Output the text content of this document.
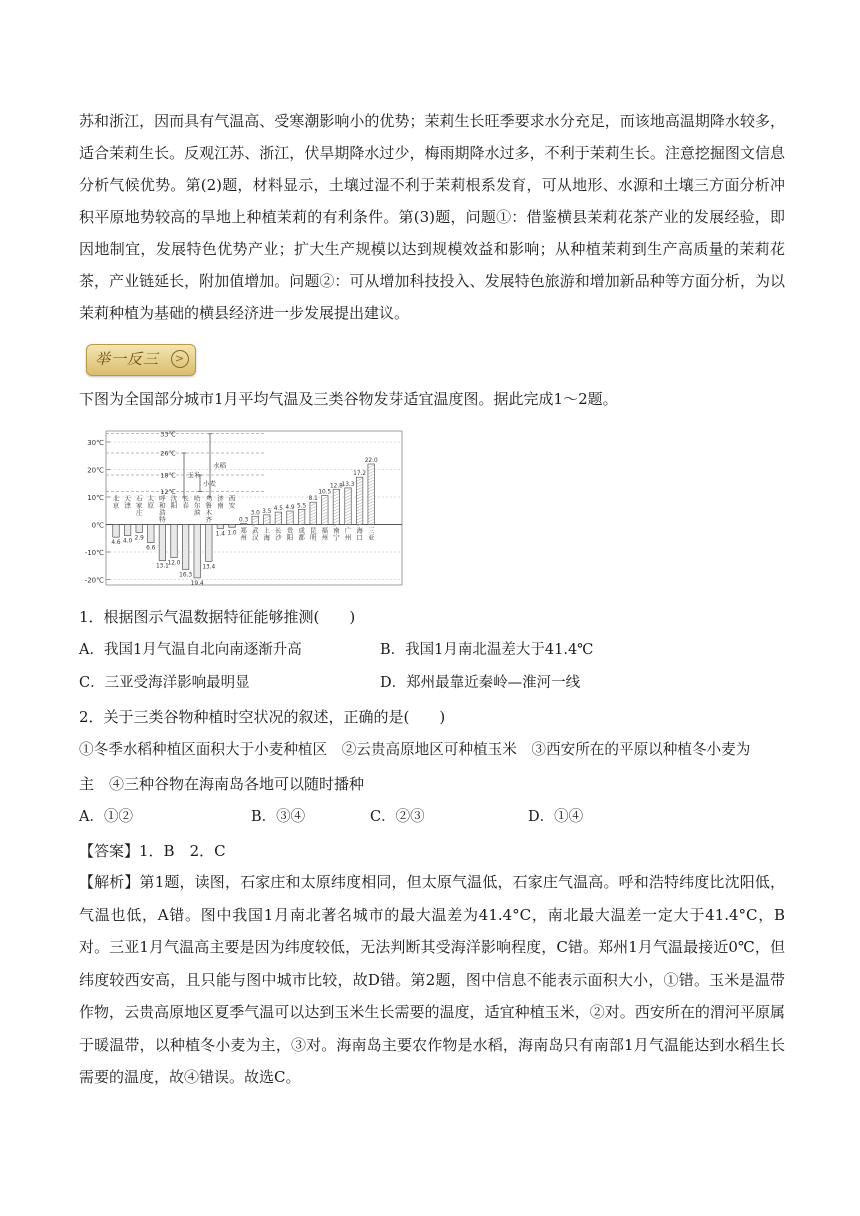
苏和浙江，因而具有气温高、受寒潮影响小的优势；茉莉生长旺季要求水分充足，而该地高温期降水较多，适合茉莉生长。反观江苏、浙江，伏旱期降水过少，梅雨期降水过多，不利于茉莉生长。注意挖掘图文信息分析气候优势。第(2)题，材料显示，土壤过湿不利于茉莉根系发育，可从地形、水源和土壤三方面分析冲积平原地势较高的旱地上种植茉莉的有利条件。第(3)题，问题①：借鉴横县茉莉花茶产业的发展经验，即因地制宜，发展特色优势产业；扩大生产规模以达到规模效益和影响；从种植茉莉到生产高质量的茉莉花茶，产业链延长，附加值增加。问题②：可从增加科技投入、发展特色旅游和增加新品种等方面分析，为以茉莉种植为基础的横县经济进一步发展提出建议。

举一反三	>
下图为全国部分城市1月平均气温及三类谷物发芽适宜温度图。据此完成1～2题。
30℃
20℃
10℃
0℃
-10℃
-20℃
33℃
26℃
18℃
12℃
水稻
玉米
小麦
4.6
北京
4.0
天津
2.9
石家庄
6.6
太原
13.1
呼和浩特
12.0
沈阳
16.3
长春
19.4
哈尔滨
13.4
乌鲁木齐
1.4
济南
1.0
西安
0.3
郑州
3.0
武汉
3.5
上海
4.5
长沙
4.9
贵阳
5.5
成都
8.1
昆明
10.5
福州
12.8
南宁
13.3
广州
17.2
海口
22.0
三亚
1．根据图示气温数据特征能够推测(　　)
A．我国1月气温自北向南逐渐升高	B．我国1月南北温差大于41.4℃
C．三亚受海洋影响最明显	D．郑州最靠近秦岭—淮河一线
2．关于三类谷物种植时空状况的叙述，正确的是(　　)
①冬季水稻种植区面积大于小麦种植区　②云贵高原地区可种植玉米　③西安所在的平原以种植冬小麦为
主　④三种谷物在海南岛各地可以随时播种
A．①②	B．③④	C．②③	D．①④
【答案】1．B　2．C

【解析】第1题，读图，石家庄和太原纬度相同，但太原气温低，石家庄气温高。呼和浩特纬度比沈阳低，气温也低，A错。图中我国1月南北著名城市的最大温差为41.4°C，南北最大温差一定大于41.4°C，B对。三亚1月气温高主要是因为纬度较低，无法判断其受海洋影响程度，C错。郑州1月气温最接近0℃，但纬度较西安高，且只能与图中城市比较，故D错。第2题，图中信息不能表示面积大小，①错。玉米是温带作物，云贵高原地区夏季气温可以达到玉米生长需要的温度，适宜种植玉米，②对。西安所在的渭河平原属于暖温带，以种植冬小麦为主，③对。海南岛主要农作物是水稻，海南岛只有南部1月气温能达到水稻生长需要的温度，故④错误。故选C。
